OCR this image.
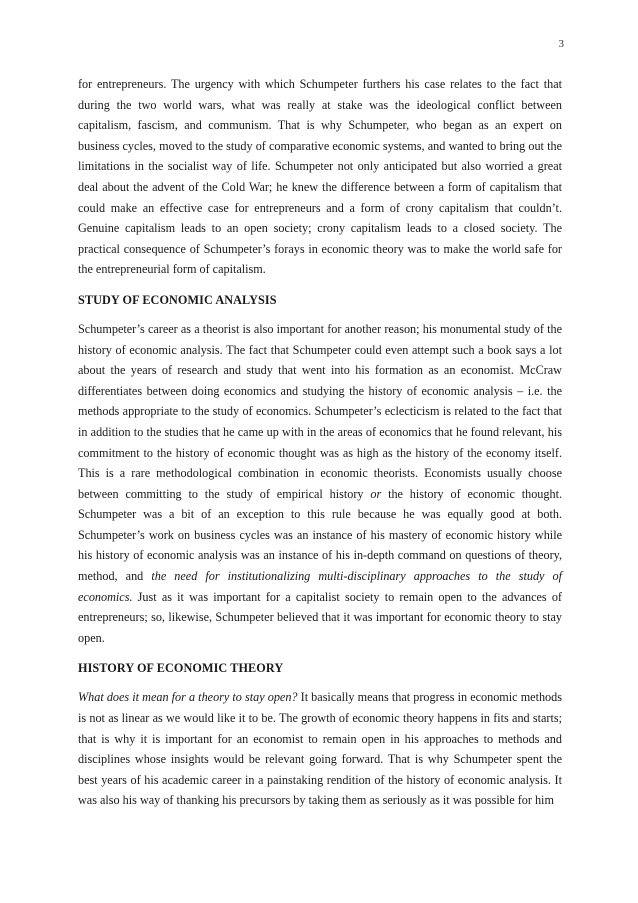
3

for entrepreneurs. The urgency with which Schumpeter furthers his case relates to the fact that during the two world wars, what was really at stake was the ideological conflict between capitalism, fascism, and communism. That is why Schumpeter, who began as an expert on business cycles, moved to the study of comparative economic systems, and wanted to bring out the limitations in the socialist way of life. Schumpeter not only anticipated but also worried a great deal about the advent of the Cold War; he knew the difference between a form of capitalism that could make an effective case for entrepreneurs and a form of crony capitalism that couldn’t. Genuine capitalism leads to an open society; crony capitalism leads to a closed society. The practical consequence of Schumpeter’s forays in economic theory was to make the world safe for the entrepreneurial form of capitalism.

STUDY OF ECONOMIC ANALYSIS

Schumpeter’s career as a theorist is also important for another reason; his monumental study of the history of economic analysis. The fact that Schumpeter could even attempt such a book says a lot about the years of research and study that went into his formation as an economist. McCraw differentiates between doing economics and studying the history of economic analysis – i.e. the methods appropriate to the study of economics. Schumpeter’s eclecticism is related to the fact that in addition to the studies that he came up with in the areas of economics that he found relevant, his commitment to the history of economic thought was as high as the history of the economy itself. This is a rare methodological combination in economic theorists. Economists usually choose between committing to the study of empirical history or the history of economic thought. Schumpeter was a bit of an exception to this rule because he was equally good at both. Schumpeter’s work on business cycles was an instance of his mastery of economic history while his history of economic analysis was an instance of his in-depth command on questions of theory, method, and the need for institutionalizing multi-disciplinary approaches to the study of economics. Just as it was important for a capitalist society to remain open to the advances of entrepreneurs; so, likewise, Schumpeter believed that it was important for economic theory to stay open.

HISTORY OF ECONOMIC THEORY

What does it mean for a theory to stay open? It basically means that progress in economic methods is not as linear as we would like it to be. The growth of economic theory happens in fits and starts; that is why it is important for an economist to remain open in his approaches to methods and disciplines whose insights would be relevant going forward. That is why Schumpeter spent the best years of his academic career in a painstaking rendition of the history of economic analysis. It was also his way of thanking his precursors by taking them as seriously as it was possible for him
